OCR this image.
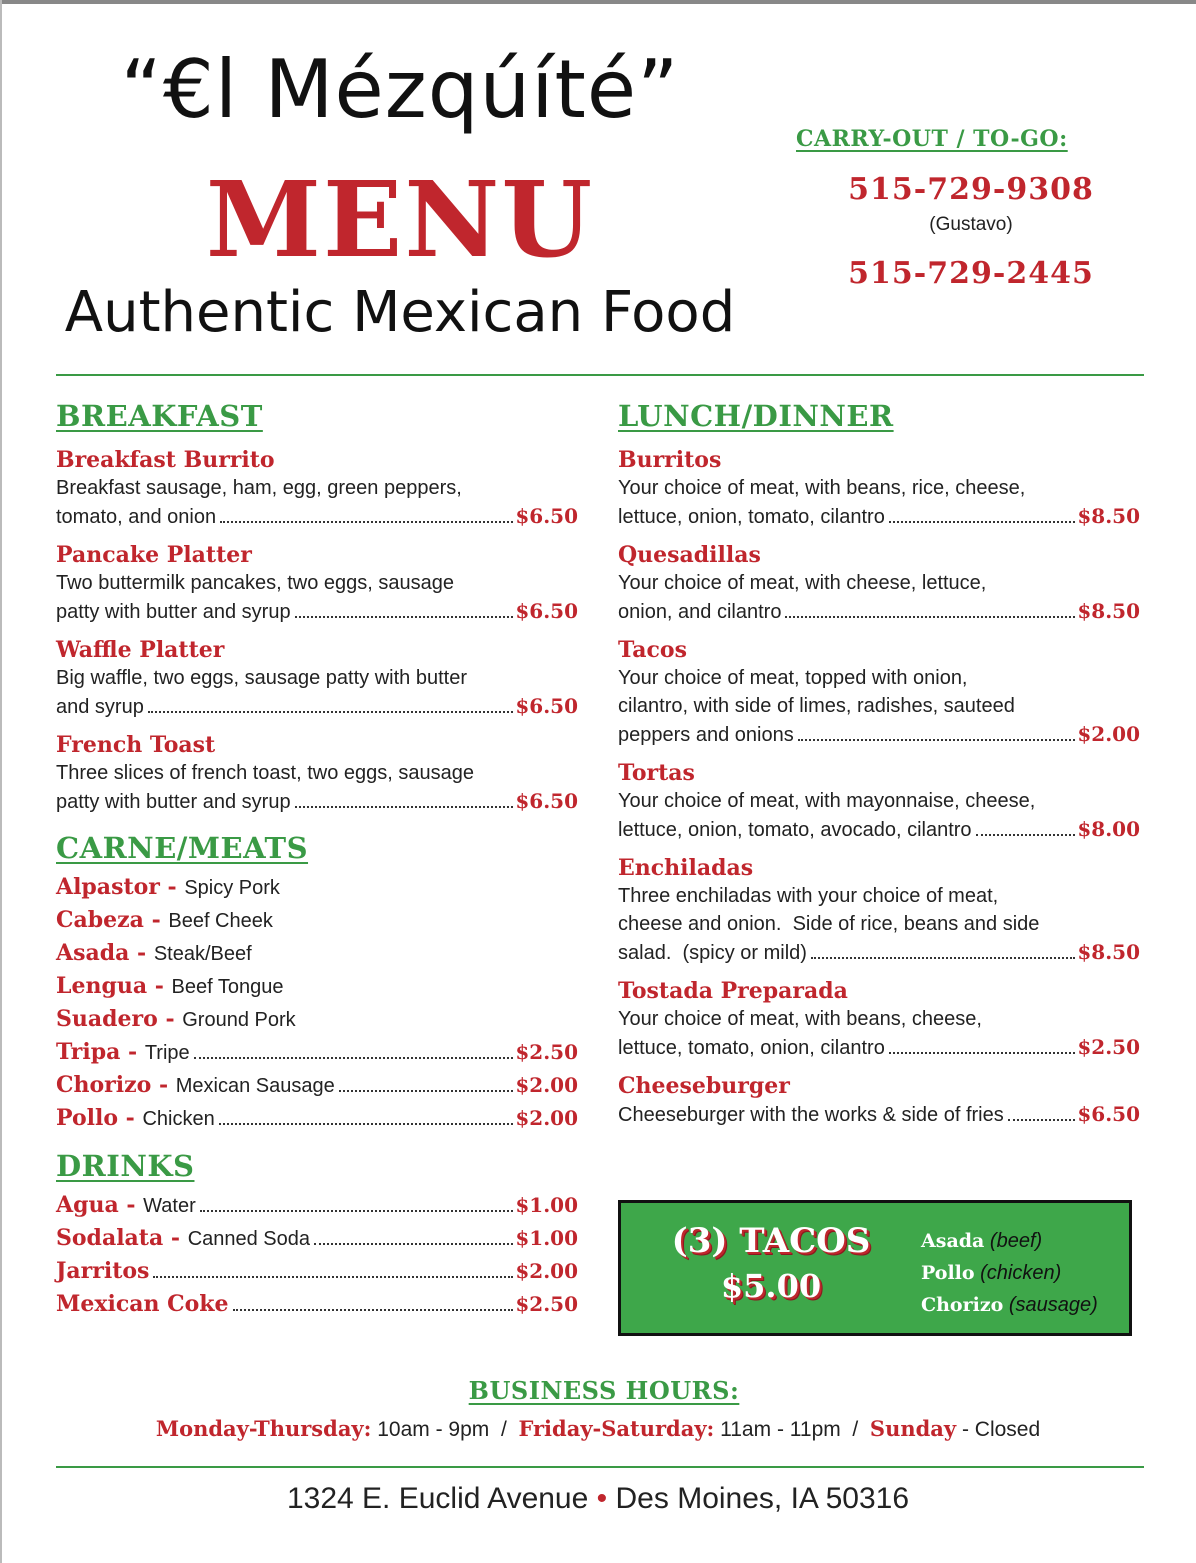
“€l Mézqúíté”
MENU
Authentic Mexican Food
CARRY-OUT / TO-GO:
515-729-9308
(Gustavo)
515-729-2445
BREAKFAST
Breakfast Burrito
Breakfast sausage, ham, egg, green peppers,
tomato, and onion	$6.50
Pancake Platter
Two buttermilk pancakes, two eggs, sausage
patty with butter and syrup	$6.50
Waffle Platter
Big waffle, two eggs, sausage patty with butter
and syrup	$6.50
French Toast
Three slices of french toast, two eggs, sausage
patty with butter and syrup	$6.50
CARNE/MEATS
Alpastor - Spicy Pork
Cabeza - Beef Cheek
Asada - Steak/Beef
Lengua - Beef Tongue
Suadero - Ground Pork
Tripa - Tripe	$2.50
Chorizo - Mexican Sausage	$2.00
Pollo - Chicken	$2.00
DRINKS
Agua - Water	$1.00
Sodalata - Canned Soda	$1.00
Jarritos	$2.00
Mexican Coke	$2.50
LUNCH/DINNER
Burritos
Your choice of meat, with beans, rice, cheese,
lettuce, onion, tomato, cilantro	$8.50
Quesadillas
Your choice of meat, with cheese, lettuce,
onion, and cilantro	$8.50
Tacos
Your choice of meat, topped with onion,
cilantro, with side of limes, radishes, sauteed
peppers and onions	$2.00
Tortas
Your choice of meat, with mayonnaise, cheese,
lettuce, onion, tomato, avocado, cilantro	$8.00
Enchiladas
Three enchiladas with your choice of meat,
cheese and onion.  Side of rice, beans and side
salad.  (spicy or mild)	$8.50
Tostada Preparada
Your choice of meat, with beans, cheese,
lettuce, tomato, onion, cilantro	$2.50
Cheeseburger
Cheeseburger with the works & side of fries	$6.50
(3) TACOS
$5.00
Asada (beef)
Pollo (chicken)
Chorizo (sausage)
BUSINESS HOURS:
Monday-Thursday: 10am - 9pm  /  Friday-Saturday: 11am - 11pm  /  Sunday - Closed
1324 E. Euclid Avenue • Des Moines, IA 50316
